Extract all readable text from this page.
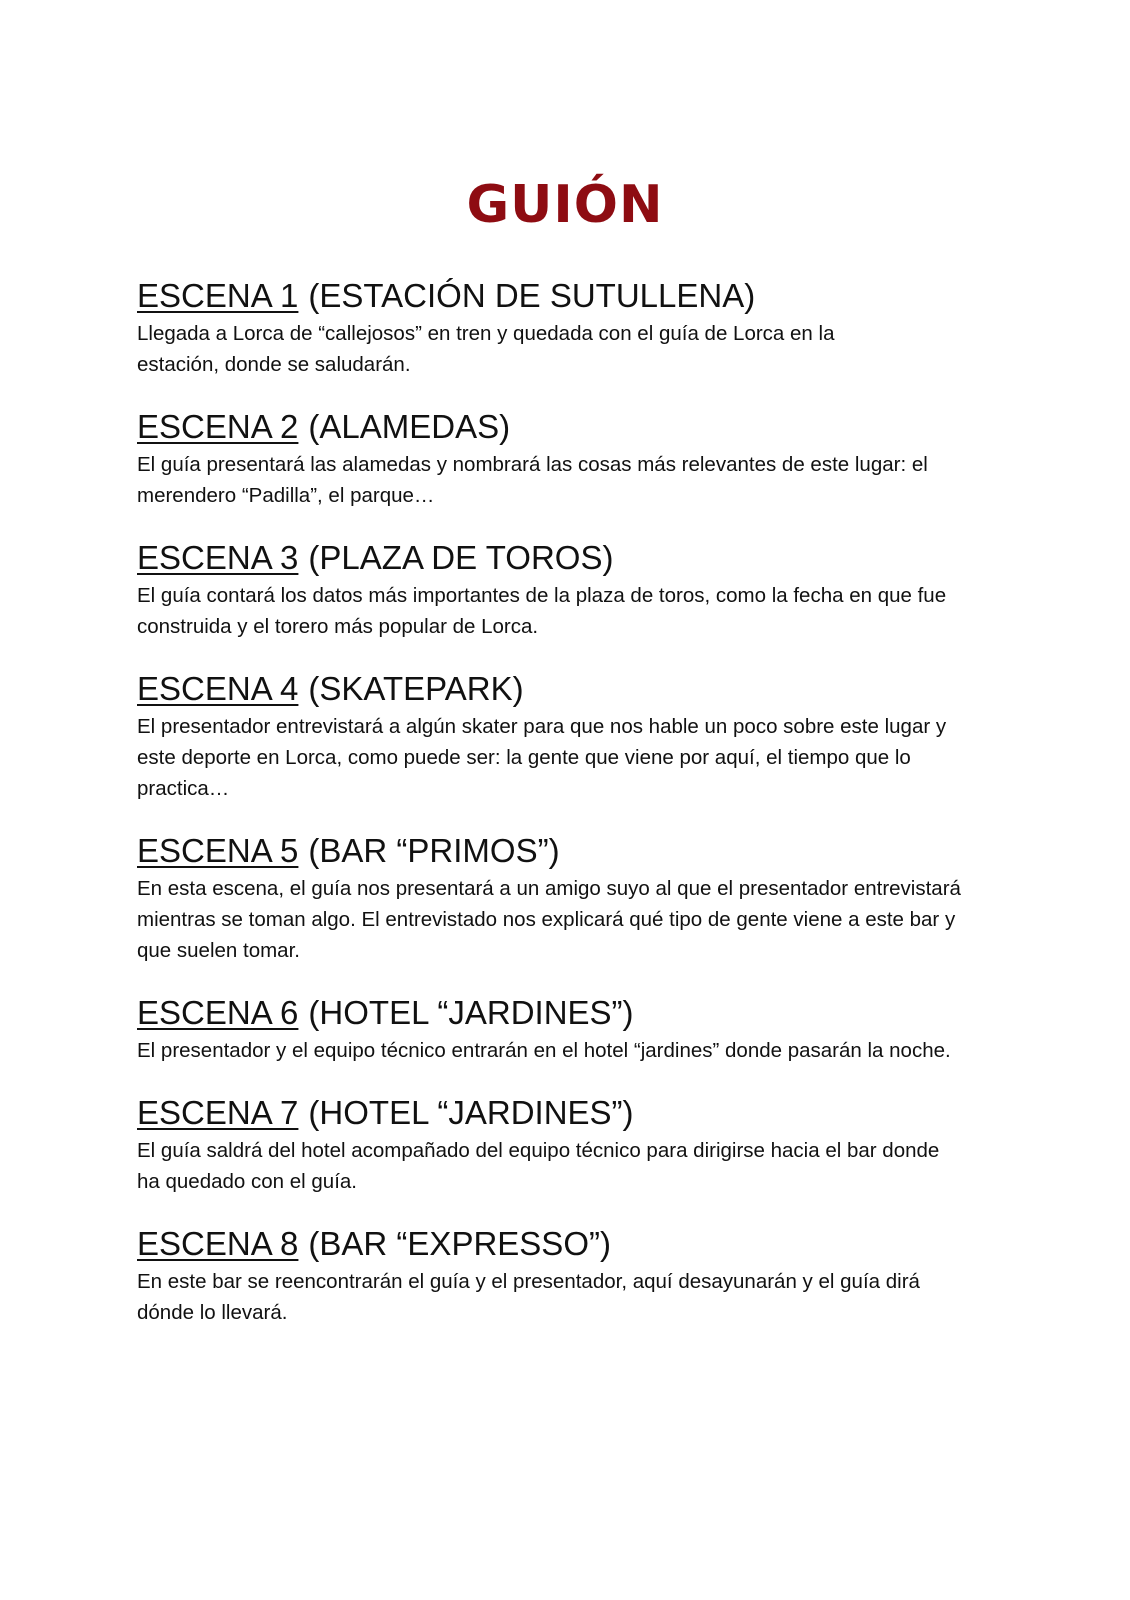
GUIÓN
ESCENA 1 (ESTACIÓN DE SUTULLENA)

Llegada a Lorca de “callejosos” en tren y quedada con el guía de Lorca en la estación, donde se saludarán.

ESCENA 2 (ALAMEDAS)

El guía presentará las alamedas y nombrará las cosas más relevantes de este lugar: el merendero “Padilla”, el parque…

ESCENA 3 (PLAZA DE TOROS)

El guía contará los datos más importantes de la plaza de toros, como la fecha en que fue construida y el torero más popular de Lorca.

ESCENA 4 (SKATEPARK)

El presentador entrevistará a algún skater para que nos hable un poco sobre este lugar y este deporte en Lorca, como puede ser: la gente que viene por aquí, el tiempo que lo practica…

ESCENA 5 (BAR “PRIMOS”)

En esta escena, el guía nos presentará a un amigo suyo al que el presentador entrevistará mientras se toman algo. El entrevistado nos explicará qué tipo de gente viene a este bar y que suelen tomar.

ESCENA 6 (HOTEL “JARDINES”)

El presentador y el equipo técnico entrarán en el hotel “jardines” donde pasarán la noche.

ESCENA 7 (HOTEL “JARDINES”)

El guía saldrá del hotel acompañado del equipo técnico para dirigirse hacia el bar donde ha quedado con el guía.

ESCENA 8 (BAR “EXPRESSO”)

En este bar se reencontrarán el guía y el presentador, aquí desayunarán y el guía dirá dónde lo llevará.
